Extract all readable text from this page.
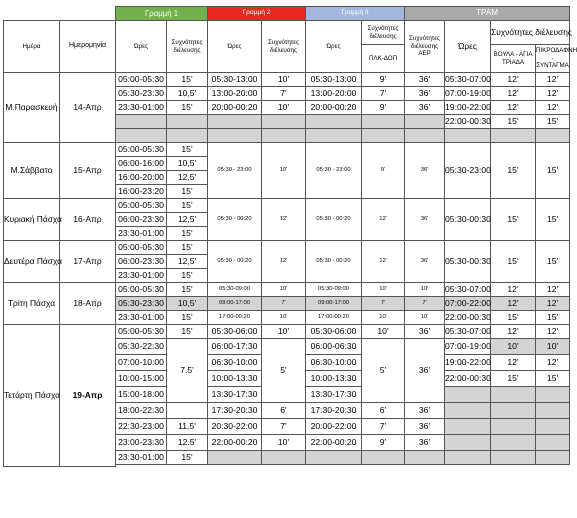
		Γραμμή 1		Γραμμή 2		Γραμμή 3		ΤΡΑΜ			
Ημέρα	Ημερομηνία	Ώρες	Συχνότητες διέλευσης	Ώρες	Συχνότητες διέλευσης	Ώρες	Συχνότητες διέλευσης	Συχνότητες διέλευσης ΑΕΡ	Ώρες	Συχνότητες διέλευσης	
							ΠΛΚ-ΔΟΠ			ΒΟΥΛΑ - ΑΓΙΑ ΤΡΙΑΔΑ	ΠΙΚΡΟΔΑΦΝΗ - ΣΥΝΤΑΓΜΑ
Μ.Παρασκευή	14-Απρ	05:00-05:30	15'	05:30-13:00	10'	05:30-13:00	9'	36'	05:30-07:00	12'	12'
		05:30-23:30	10,5'	13:00-20:00	7'	13:00-20:00	7'	36'	07:00-19:00	12'	12'
		23:30-01:00	15'	20:00-00:20	10'	20:00-00:20	9'	36'	19:00-22:00	12'	12'
									22:00-00:30	15'	15'

Μ.Σάββατο	15-Απρ	05:00-05:30	15'	05:30 - 23:00	10'	05:30 - 23:00	9'	36'	05:30-23:00	15'	15'
		06:00-16:00	10,5'								
		16:00-20:00	12,5'								
		16:00-23:20	15'								
Κυριακή Πάσχα	16-Απρ	05:00-05:30	15'	05:30 - 00:20	12'	05:30 - 00:20	12'	36'	05:30-00:30	15'	15'
		06:00-23:30	12,5'								
		23:30-01:00	15'								
Δευτέρα Πάσχα	17-Απρ	05:00-05:30	15'	05:30 - 00:20	12'	05:30 - 00:20	12'	36'	05:30-00:30	15'	15'
		06:00-23:30	12,5'								
		23:30-01:00	15'								
Τρίτη Πάσχα	18-Απρ	05:00-05:30	15'	05:30-09:00	10'	05:30-09:00	10'	10'	05:30-07:00	12'	12'
		05:30-23:30	10,5'	09:00-17:00	7'	09:00-17:00	7'	7'	07:00-22:00	12'	12'
		23:30-01:00	15'	17:00-00:20	10'	17:00-00:20	10'	10'	22:00-00:30	15'	15'
Τετάρτη Πάσχα	19-Απρ	05:00-05:30	15'	05:30-06:00	10'	05:30-06:00	10'	36'	05:30-07:00	12'	12'
		05:30-22:30	7.5'	06:00-17:30	5'	06:00-06:30	5'	36'	07:00-19:00	10'	10'
		07:00-10:00		06:30-10:00		06:30-10:00			19:00-22:00	12'	12'
		10:00-15:00		10:00-13:30		10:00-13:30			22:00-00:30	15'	15'
		15:00-18:00		13:30-17:30		13:30-17:30					
		18:00-22:30		17:30-20:30	6'	17:30-20:30	6'	36'			
		22:30-23:00	11.5'	20:30-22:00	7'	20:00-22:00	7'	36'			
		23:00-23:30	12.5'	22:00-00:20	10'	22:00-00:20	9'	36'			
		23:30-01:00	15'								
